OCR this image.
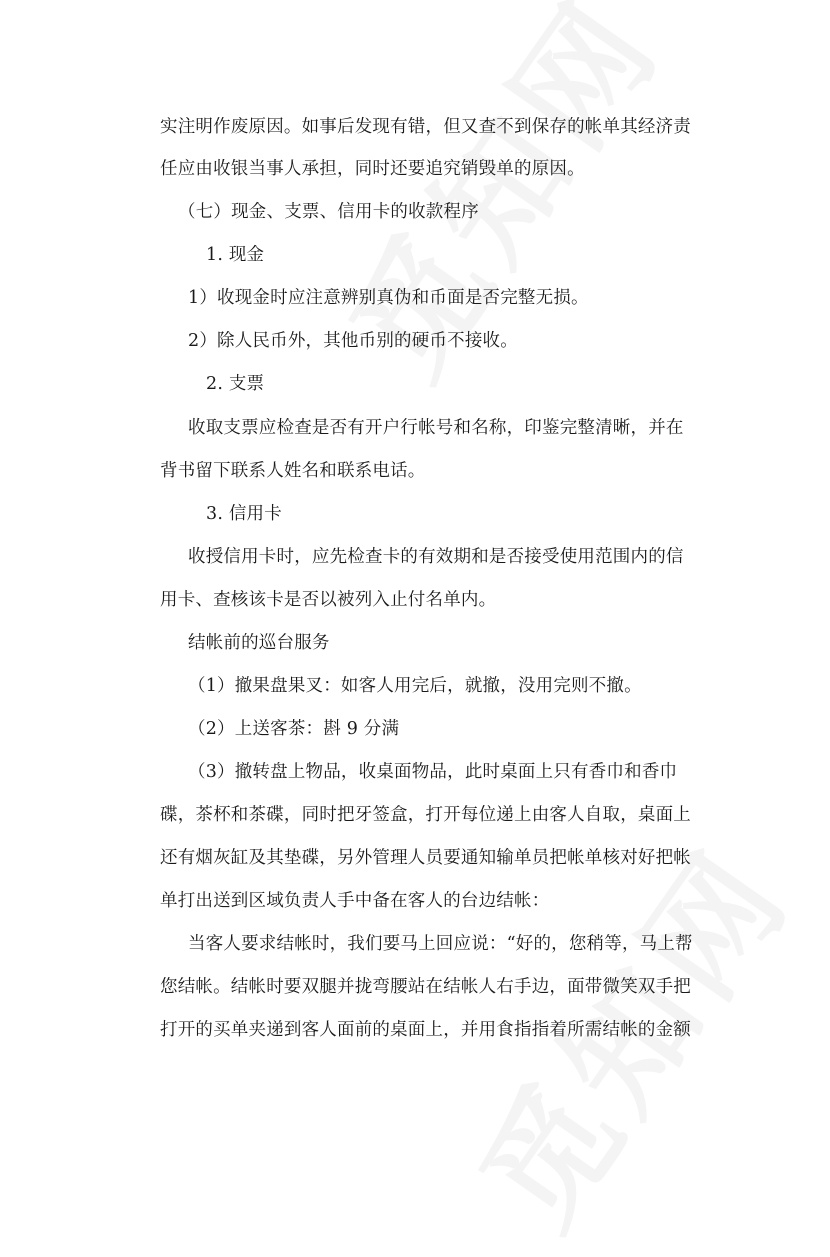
实注明作废原因。如事后发现有错，但又查不到保存的帐单其经济责
任应由收银当事人承担，同时还要追究销毁单的原因。
（七）现金、支票、信用卡的收款程序
1. 现金
1）收现金时应注意辨别真伪和币面是否完整无损。
2）除人民币外，其他币别的硬币不接收。
2. 支票
收取支票应检查是否有开户行帐号和名称，印鉴完整清晰，并在
背书留下联系人姓名和联系电话。
3. 信用卡
收授信用卡时，应先检查卡的有效期和是否接受使用范围内的信
用卡、查核该卡是否以被列入止付名单内。
结帐前的巡台服务
（1）撤果盘果叉：如客人用完后，就撤，没用完则不撤。
（2）上送客茶：斟 9 分满
（3）撤转盘上物品，收桌面物品，此时桌面上只有香巾和香巾
碟，茶杯和茶碟，同时把牙签盒，打开每位递上由客人自取，桌面上
还有烟灰缸及其垫碟，另外管理人员要通知输单员把帐单核对好把帐
单打出送到区域负责人手中备在客人的台边结帐：
当客人要求结帐时，我们要马上回应说：“好的，您稍等，马上帮
您结帐。结帐时要双腿并拢弯腰站在结帐人右手边，面带微笑双手把
打开的买单夹递到客人面前的桌面上，并用食指指着所需结帐的金额
